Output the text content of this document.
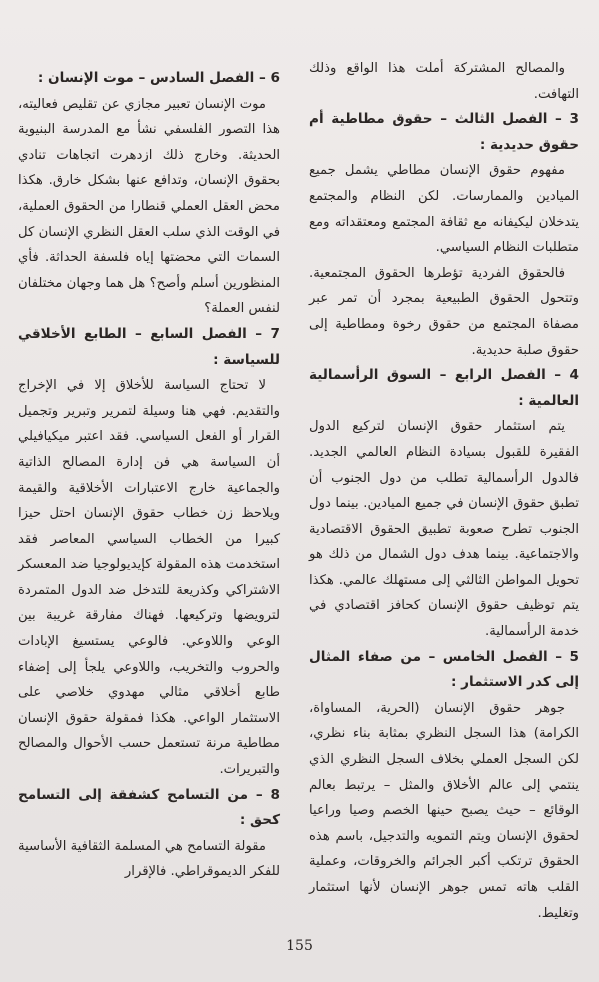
والمصالح المشتركة أملت هذا الواقع وذلك التهافت.
3 – الفصل الثالث – حقوق مطاطية أم حقوق حديدية :
مفهوم حقوق الإنسان مطاطي يشمل جميع الميادين والممارسات. لكن النظام والمجتمع يتدخلان ليكيفانه مع ثقافة المجتمع ومعتقداته ومع متطلبات النظام السياسي.
فالحقوق الفردية تؤطرها الحقوق المجتمعية. وتتحول الحقوق الطبيعية بمجرد أن تمر عبر مصفاة المجتمع من حقوق رخوة ومطاطية إلى حقوق صلبة حديدية.
4 – الفصل الرابع – السوق الرأسمالية العالمية :
يتم استثمار حقوق الإنسان لتركيع الدول الفقيرة للقبول بسيادة النظام العالمي الجديد. فالدول الرأسمالية تطلب من دول الجنوب أن تطبق حقوق الإنسان في جميع الميادين. بينما دول الجنوب تطرح صعوبة تطبيق الحقوق الاقتصادية والاجتماعية. بينما هدف دول الشمال من ذلك هو تحويل المواطن الثالثي إلى مستهلك عالمي. هكذا يتم توظيف حقوق الإنسان كحافز اقتصادي في خدمة الرأسمالية.
5 – الفصل الخامس – من صفاء المثال إلى كدر الاستثمار :
جوهر حقوق الإنسان (الحرية، المساواة، الكرامة) هذا السجل النظري بمثابة بناء نظري، لكن السجل العملي بخلاف السجل النظري الذي ينتمي إلى عالم الأخلاق والمثل – يرتبط بعالم الوقائع – حيث يصبح حينها الخصم وصيا وراعيا لحقوق الإنسان ويتم التمويه والتدجيل، باسم هذه الحقوق ترتكب أكبر الجرائم والخروقات، وعملية القلب هاته تمس جوهر الإنسان لأنها استثمار وتغليط.
6 – الفصل السادس – موت الإنسان :
موت الإنسان تعبير مجازي عن تقليص فعاليته، هذا التصور الفلسفي نشأ مع المدرسة البنيوية الحديثة. وخارج ذلك ازدهرت اتجاهات تنادي بحقوق الإنسان، وتدافع عنها بشكل خارق. هكذا محض العقل العملي قنطارا من الحقوق العملية، في الوقت الذي سلب العقل النظري الإنسان كل السمات التي محضتها إياه فلسفة الحداثة. فأي المنظورين أسلم وأصح؟ هل هما وجهان مختلفان لنفس العملة؟
7 – الفصل السابع – الطابع الأخلاقي للسياسة :
لا تحتاج السياسة للأخلاق إلا في الإخراج والتقديم. فهي هنا وسيلة لتمرير وتبرير وتجميل القرار أو الفعل السياسي. فقد اعتبر ميكيافيلي أن السياسة هي فن إدارة المصالح الذاتية والجماعية خارج الاعتبارات الأخلاقية والقيمة ويلاحظ زن خطاب حقوق الإنسان احتل حيزا كبيرا من الخطاب السياسي المعاصر فقد استخدمت هذه المقولة كإيديولوجيا ضد المعسكر الاشتراكي وكذريعة للتدخل ضد الدول المتمردة لترويضها وتركيعها. فهناك مفارقة غريبة بين الوعي واللاوعي. فالوعي يستسيغ الإبادات والحروب والتخريب، واللاوعي يلجأ إلى إضفاء طابع أخلاقي مثالي مهدوي خلاصي على الاستثمار الواعي. هكذا فمقولة حقوق الإنسان مطاطية مرنة تستعمل حسب الأحوال والمصالح والتبريرات.
8 – من التسامح كشفقة إلى التسامح كحق :
مقولة التسامح هي المسلمة الثقافية الأساسية للفكر الديموقراطي. فالإقرار
155
